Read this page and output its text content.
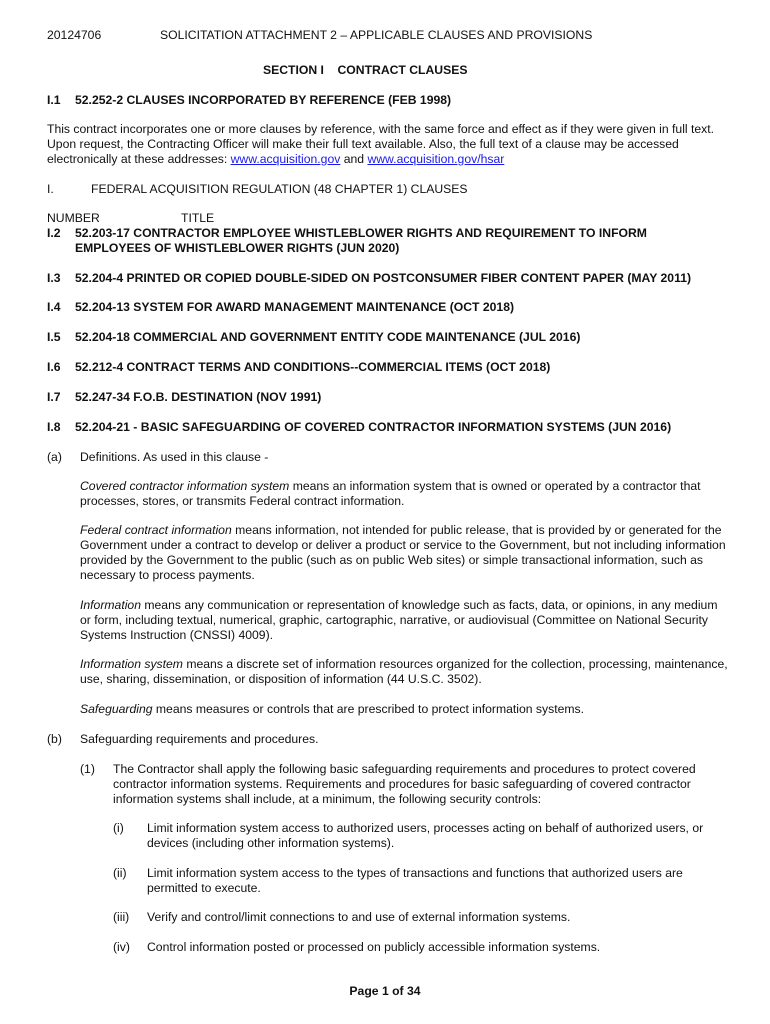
20124706	SOLICITATION ATTACHMENT 2 – APPLICABLE CLAUSES AND PROVISIONS
SECTION I    CONTRACT CLAUSES
I.1 52.252-2 CLAUSES INCORPORATED BY REFERENCE (FEB 1998)
This contract incorporates one or more clauses by reference, with the same force and effect as if they were given in full text. Upon request, the Contracting Officer will make their full text available. Also, the full text of a clause may be accessed electronically at these addresses: www.acquisition.gov and www.acquisition.gov/hsar
I.	FEDERAL ACQUISITION REGULATION (48 CHAPTER 1) CLAUSES
NUMBER	TITLE
I.2 52.203-17 CONTRACTOR EMPLOYEE WHISTLEBLOWER RIGHTS AND REQUIREMENT TO INFORM EMPLOYEES OF WHISTLEBLOWER RIGHTS (JUN 2020)
I.3 52.204-4 PRINTED OR COPIED DOUBLE-SIDED ON POSTCONSUMER FIBER CONTENT PAPER (MAY 2011)
I.4 52.204-13 SYSTEM FOR AWARD MANAGEMENT MAINTENANCE (OCT 2018)
I.5 52.204-18 COMMERCIAL AND GOVERNMENT ENTITY CODE MAINTENANCE (JUL 2016)
I.6 52.212-4 CONTRACT TERMS AND CONDITIONS--COMMERCIAL ITEMS (OCT 2018)
I.7 52.247-34 F.O.B. DESTINATION (NOV 1991)
I.8 52.204-21 - BASIC SAFEGUARDING OF COVERED CONTRACTOR INFORMATION SYSTEMS (JUN 2016)
(a) Definitions. As used in this clause -
Covered contractor information system means an information system that is owned or operated by a contractor that processes, stores, or transmits Federal contract information.
Federal contract information means information, not intended for public release, that is provided by or generated for the Government under a contract to develop or deliver a product or service to the Government, but not including information provided by the Government to the public (such as on public Web sites) or simple transactional information, such as necessary to process payments.
Information means any communication or representation of knowledge such as facts, data, or opinions, in any medium or form, including textual, numerical, graphic, cartographic, narrative, or audiovisual (Committee on National Security Systems Instruction (CNSSI) 4009).
Information system means a discrete set of information resources organized for the collection, processing, maintenance, use, sharing, dissemination, or disposition of information (44 U.S.C. 3502).
Safeguarding means measures or controls that are prescribed to protect information systems.
(b) Safeguarding requirements and procedures.
(1) The Contractor shall apply the following basic safeguarding requirements and procedures to protect covered contractor information systems. Requirements and procedures for basic safeguarding of covered contractor information systems shall include, at a minimum, the following security controls:
(i) Limit information system access to authorized users, processes acting on behalf of authorized users, or devices (including other information systems).
(ii) Limit information system access to the types of transactions and functions that authorized users are permitted to execute.
(iii) Verify and control/limit connections to and use of external information systems.
(iv) Control information posted or processed on publicly accessible information systems.
Page 1 of 34
